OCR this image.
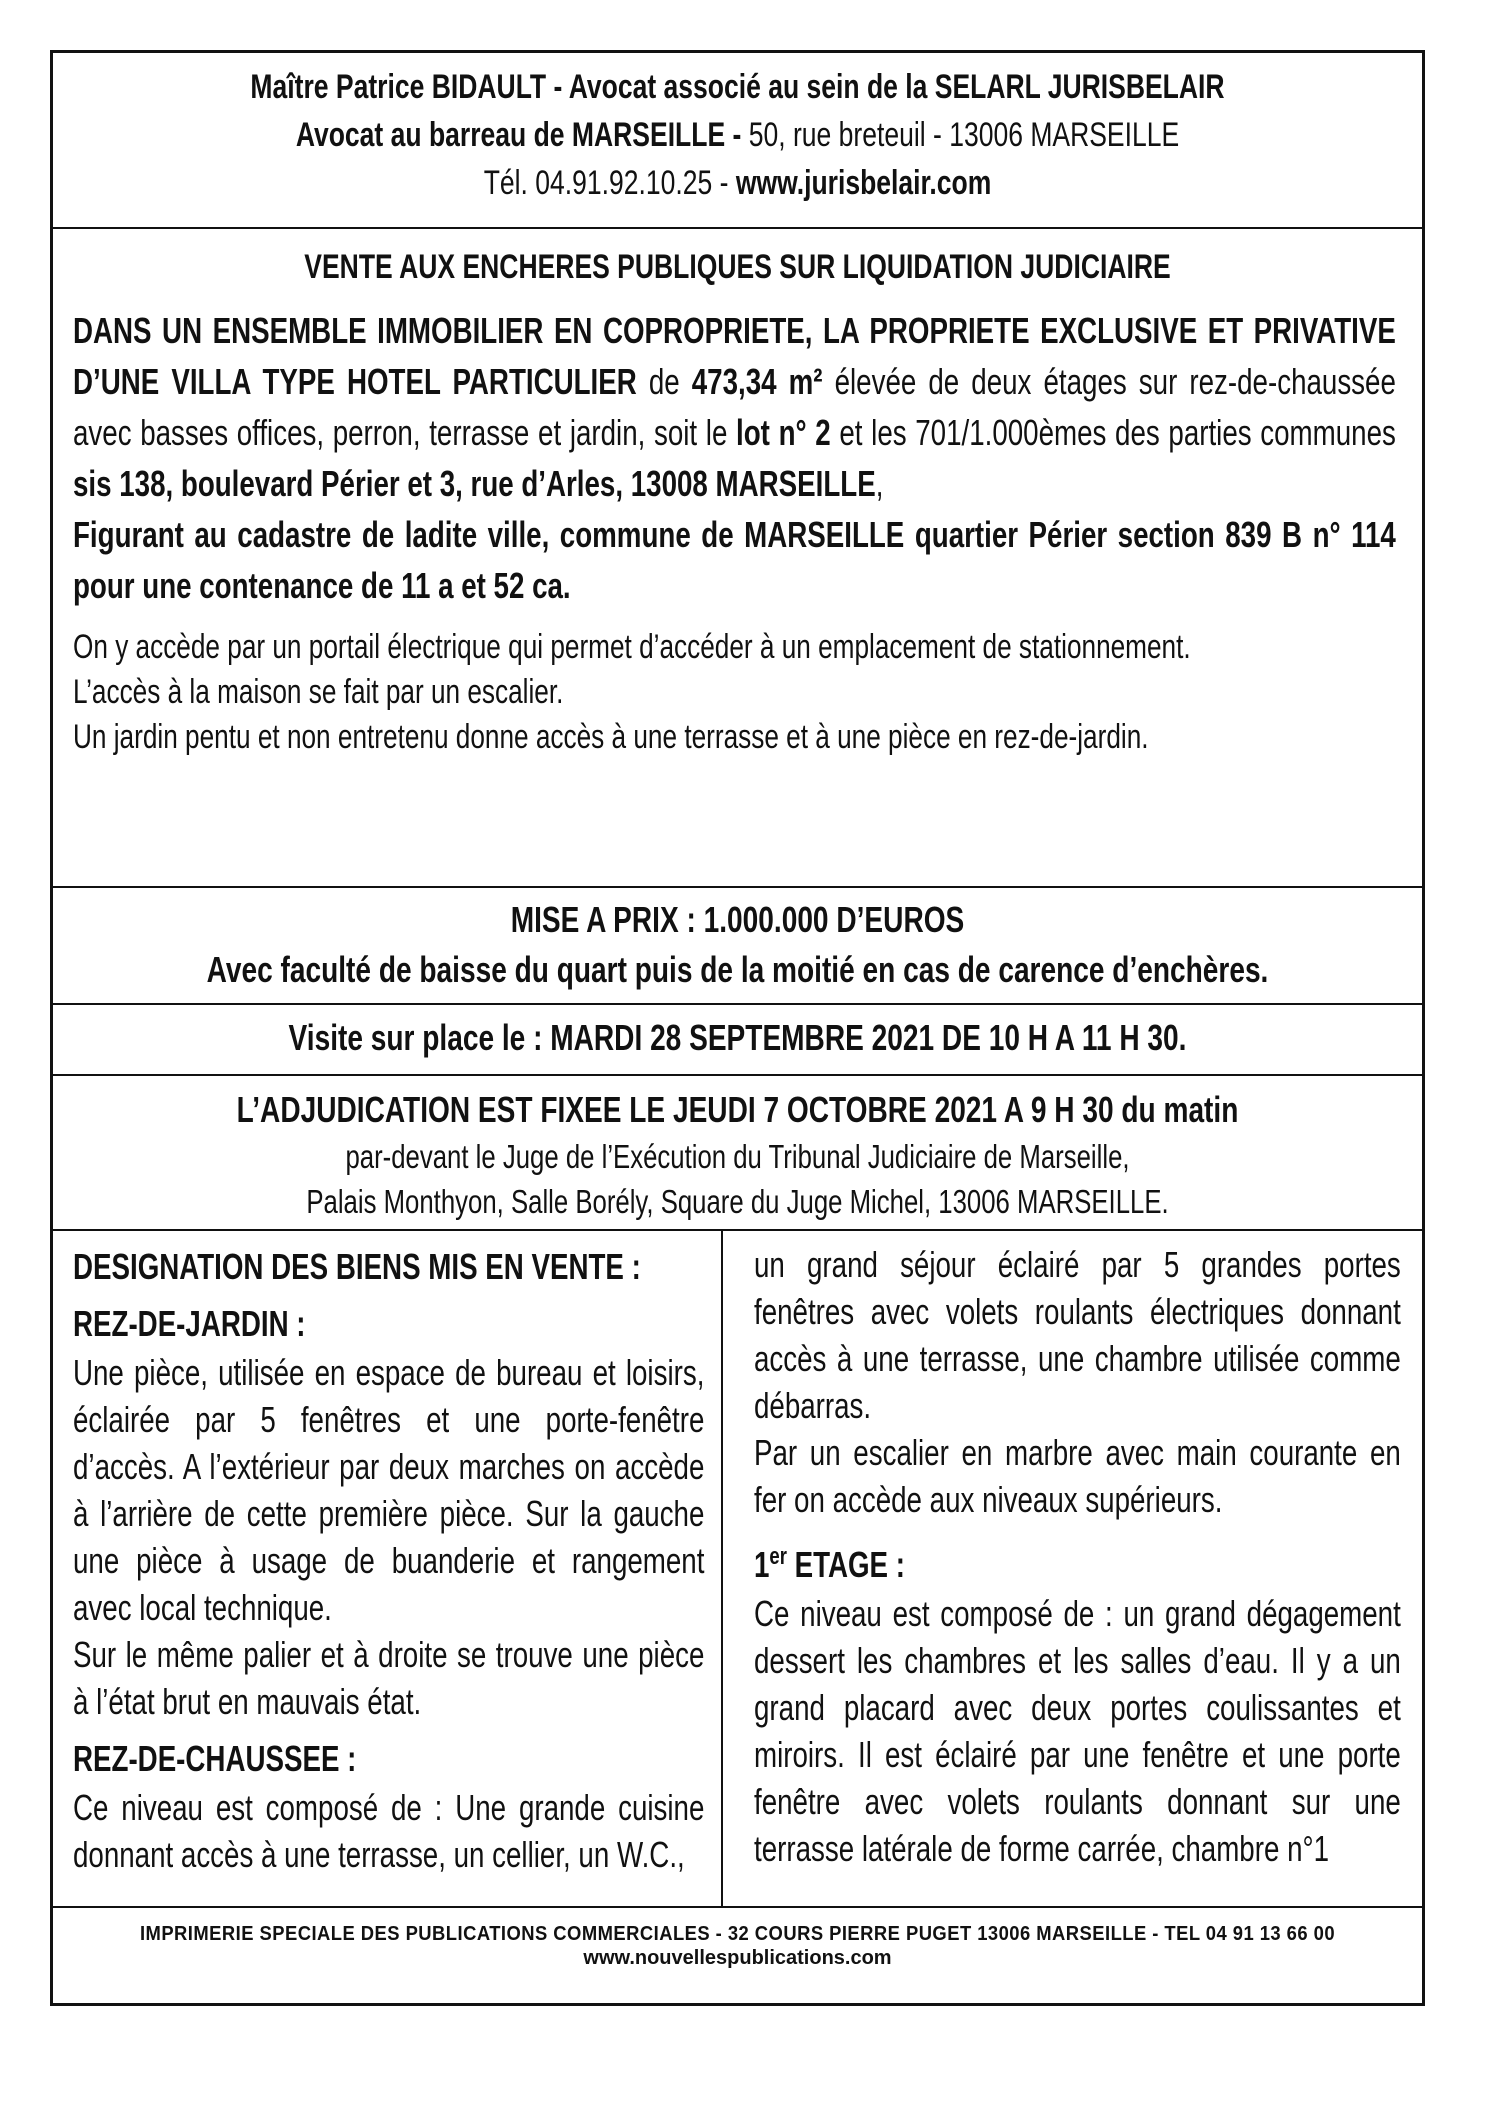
Maître Patrice BIDAULT - Avocat associé au sein de la SELARL JURISBELAIR
Avocat au barreau de MARSEILLE - 50, rue breteuil - 13006 MARSEILLE
Tél. 04.91.92.10.25 - www.jurisbelair.com
VENTE AUX ENCHERES PUBLIQUES SUR LIQUIDATION JUDICIAIRE
DANS UN ENSEMBLE IMMOBILIER EN COPROPRIETE, LA PROPRIETE EXCLUSIVE ET PRIVATIVE D’UNE VILLA TYPE HOTEL PARTICULIER de 473,34 m² élevée de deux étages sur rez-de-chaussée avec basses offices, perron, terrasse et jardin, soit le lot n° 2 et les 701/1.000èmes des parties communes sis 138, boulevard Périer et 3, rue d’Arles, 13008 MARSEILLE,
Figurant au cadastre de ladite ville, commune de MARSEILLE quartier Périer section 839 B n° 114 pour une contenance de 11 a et 52 ca.
On y accède par un portail électrique qui permet d’accéder à un emplacement de stationnement.
L’accès à la maison se fait par un escalier.
Un jardin pentu et non entretenu donne accès à une terrasse et à une pièce en rez-de-jardin.
MISE A PRIX : 1.000.000 D’EUROS
Avec faculté de baisse du quart puis de la moitié en cas de carence d’enchères.
Visite sur place le : MARDI 28 SEPTEMBRE 2021 DE 10 H A 11 H 30.
L’ADJUDICATION EST FIXEE LE JEUDI 7 OCTOBRE 2021 A 9 H 30 du matin
par-devant le Juge de l’Exécution du Tribunal Judiciaire de Marseille,
Palais Monthyon, Salle Borély, Square du Juge Michel, 13006 MARSEILLE.
DESIGNATION DES BIENS MIS EN VENTE :
REZ-DE-JARDIN :

Une pièce, utilisée en espace de bureau et loisirs, éclairée par 5 fenêtres et une porte-fenêtre d’accès. A l’extérieur par deux marches on accède à l’arrière de cette première pièce. Sur la gauche une pièce à usage de buanderie et rangement avec local technique.

Sur le même palier et à droite se trouve une pièce à l’état brut en mauvais état.

REZ-DE-CHAUSSEE :

Ce niveau est composé de : Une grande cuisine donnant accès à une terrasse, un cellier, un W.C.,

un grand séjour éclairé par 5 grandes portes fenêtres avec volets roulants électriques donnant accès à une terrasse, une chambre utilisée comme débarras.

Par un escalier en marbre avec main courante en fer on accède aux niveaux supérieurs.

1er ETAGE :

Ce niveau est composé de : un grand dégagement dessert les chambres et les salles d’eau. Il y a un grand placard avec deux portes coulissantes et miroirs. Il est éclairé par une fenêtre et une porte fenêtre avec volets roulants donnant sur une terrasse latérale de forme carrée, chambre n°1

IMPRIMERIE SPECIALE DES PUBLICATIONS COMMERCIALES - 32 COURS PIERRE PUGET 13006 MARSEILLE - TEL 04 91 13 66 00
www.nouvellespublications.com
